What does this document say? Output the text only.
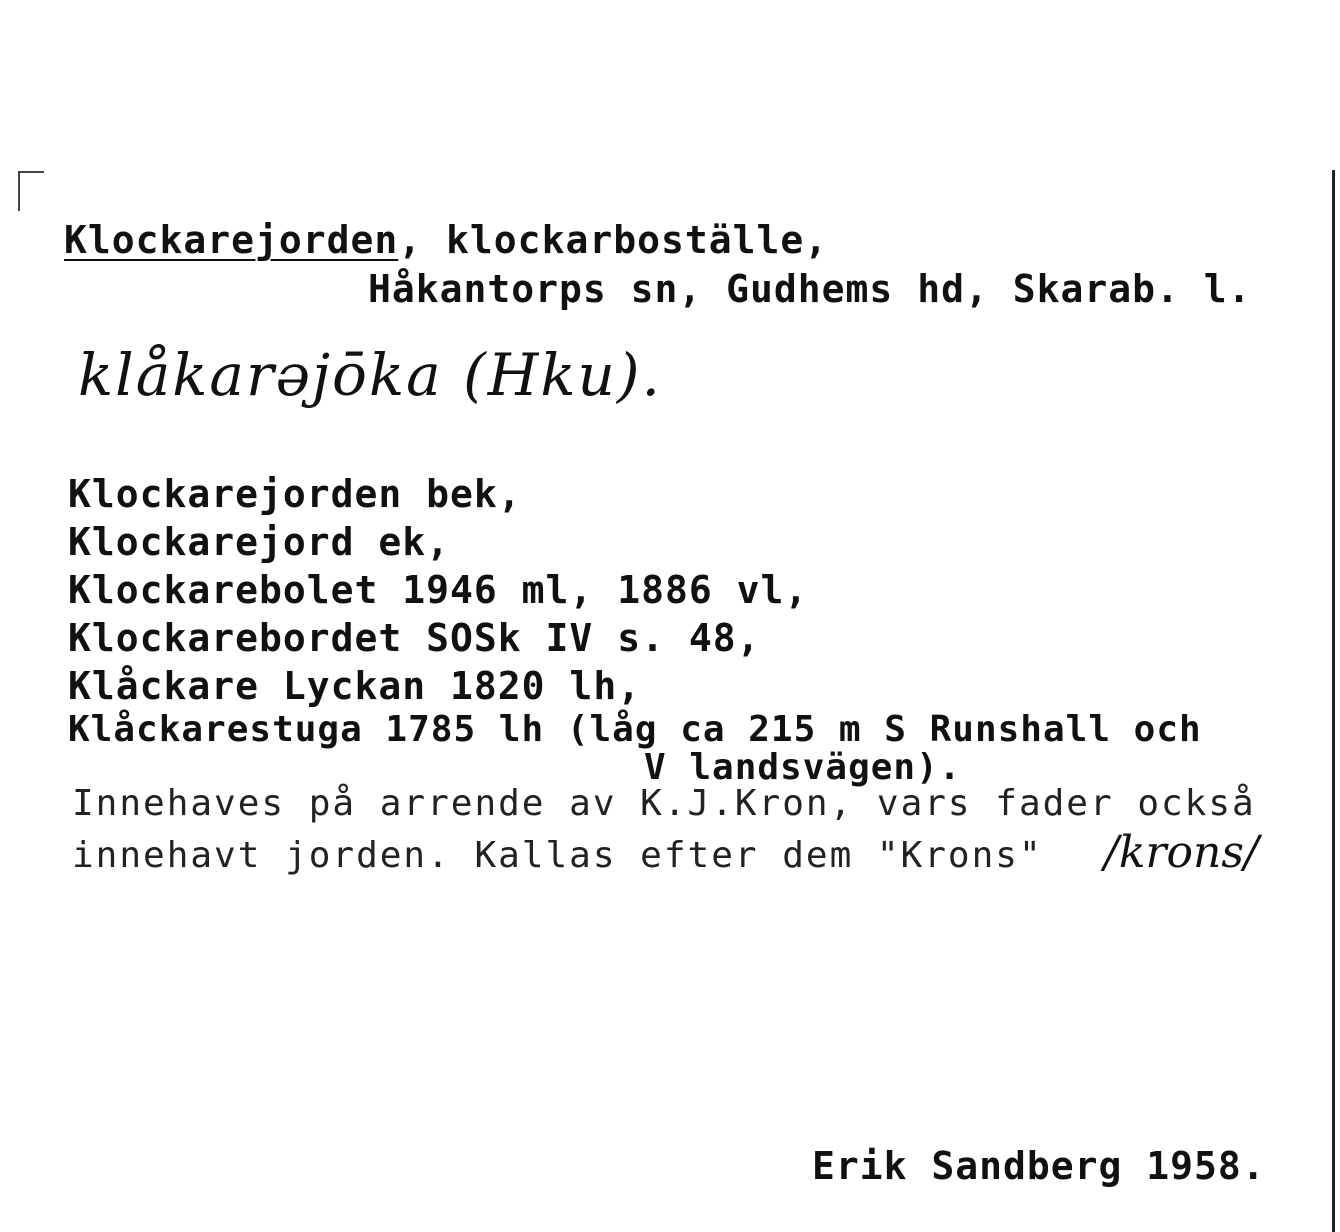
Klockarejorden, klockarboställe,
Håkantorps sn, Gudhems hd, Skarab. l.
klåkarəjōka (Hku).
Klockarejorden bek,
Klockarejord ek,
Klockarebolet 1946 ml, 1886 vl,
Klockarebordet SOSk IV s. 48,
Klåckare Lyckan 1820 lh,
Klåckarestuga 1785 lh (låg ca 215 m S Runshall och
V landsvägen).
Innehaves på arrende av K.J.Kron, vars fader också
innehavt jorden. Kallas efter dem "Krons" /krons/
Erik Sandberg 1958.
